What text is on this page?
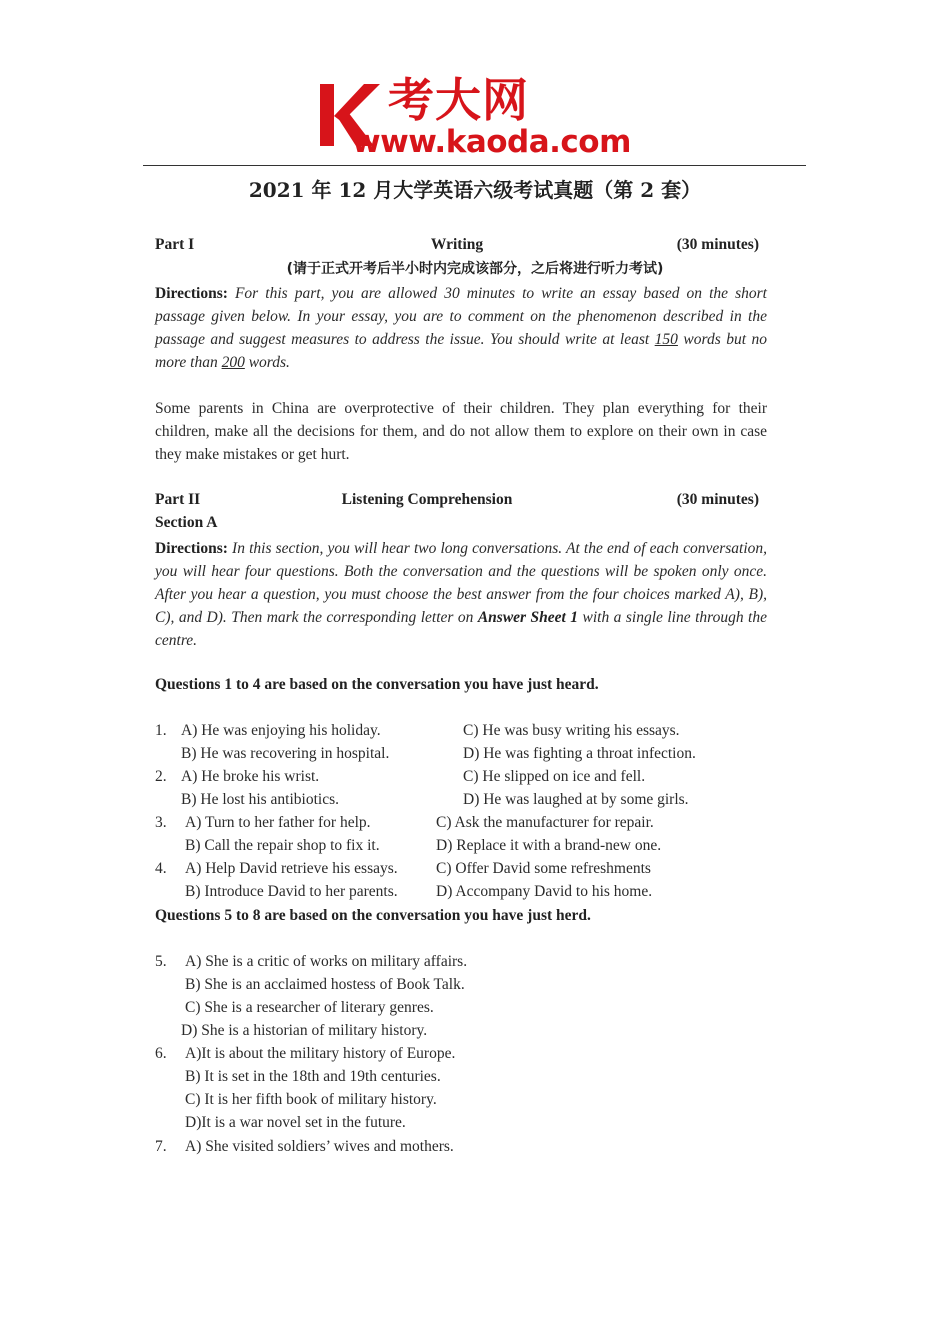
考大网
www.kaoda.com
2021 年 12 月大学英语六级考试真题（第 2 套）
Part I	Writing	(30 minutes)
(请于正式开考后半小时内完成该部分，之后将进行听力考试)
Directions: For this part, you are allowed 30 minutes to write an essay based on the short passage given below. In your essay, you are to comment on the phenomenon described in the passage and suggest measures to address the issue. You should write at least 150 words but no more than 200 words.
Some parents in China are overprotective of their children. They plan everything for their children, make all the decisions for them, and do not allow them to explore on their own in case they make mistakes or get hurt.
Part II	Listening Comprehension	(30 minutes)
Section A
Directions: In this section, you will hear two long conversations. At the end of each conversation, you will hear four questions. Both the conversation and the questions will be spoken only once. After you hear a question, you must choose the best answer from the four choices marked A), B), C), and D). Then mark the corresponding letter on Answer Sheet 1 with a single line through the centre.
Questions 1 to 4 are based on the conversation you have just heard.
1. A) He was enjoying his holiday.
B) He was recovering in hospital.
C) He was busy writing his essays.
D) He was fighting a throat infection.
2. A) He broke his wrist.
B) He lost his antibiotics.
C) He slipped on ice and fell.
D) He was laughed at by some girls.
3. A) Turn to her father for help.
B) Call the repair shop to fix it.
C) Ask the manufacturer for repair.
D) Replace it with a brand-new one.
4. A) Help David retrieve his essays.
B) Introduce David to her parents.
C) Offer David some refreshments
D) Accompany David to his home.
Questions 5 to 8 are based on the conversation you have just herd.
5. A) She is a critic of works on military affairs.
B) She is an acclaimed hostess of Book Talk.
C) She is a researcher of literary genres.
D) She is a historian of military history.
6. A)It is about the military history of Europe.
B) It is set in the 18th and 19th centuries.
C) It is her fifth book of military history.
D)It is a war novel set in the future.
7. A) She visited soldiers’ wives and mothers.
